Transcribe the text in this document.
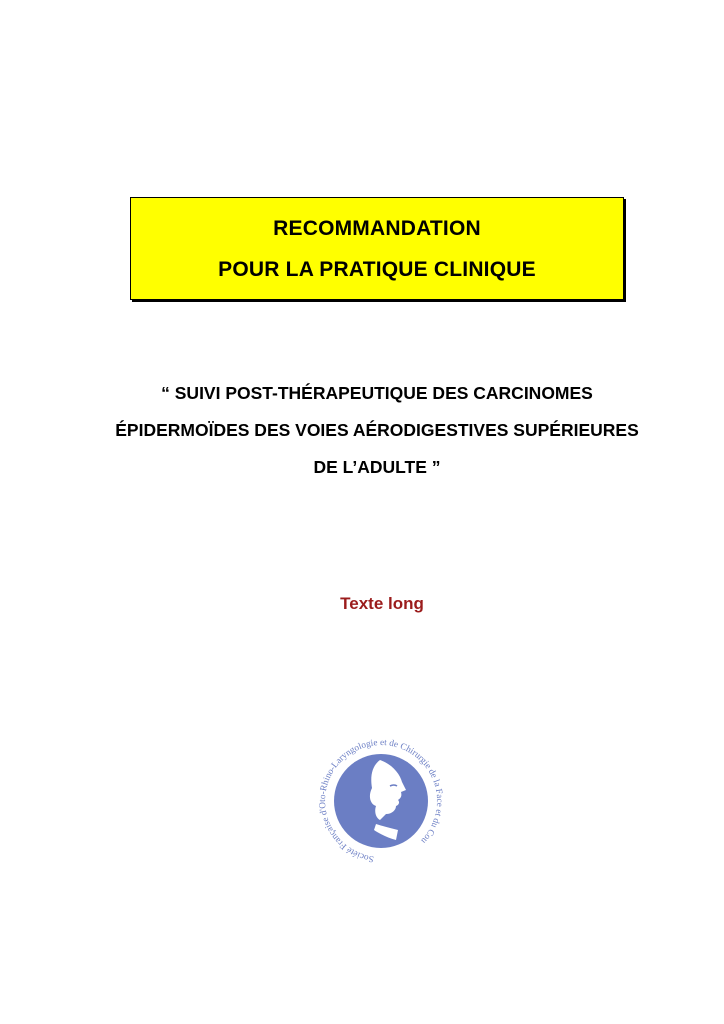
RECOMMANDATION
POUR LA PRATIQUE CLINIQUE
“ SUIVI POST-THÉRAPEUTIQUE DES CARCINOMES
ÉPIDERMOÏDES DES VOIES AÉRODIGESTIVES SUPÉRIEURES
DE L’ADULTE ”
Texte long
Société Française d'Oto-Rhino-Laryngologie et de Chirurgie de la Face et du Cou
